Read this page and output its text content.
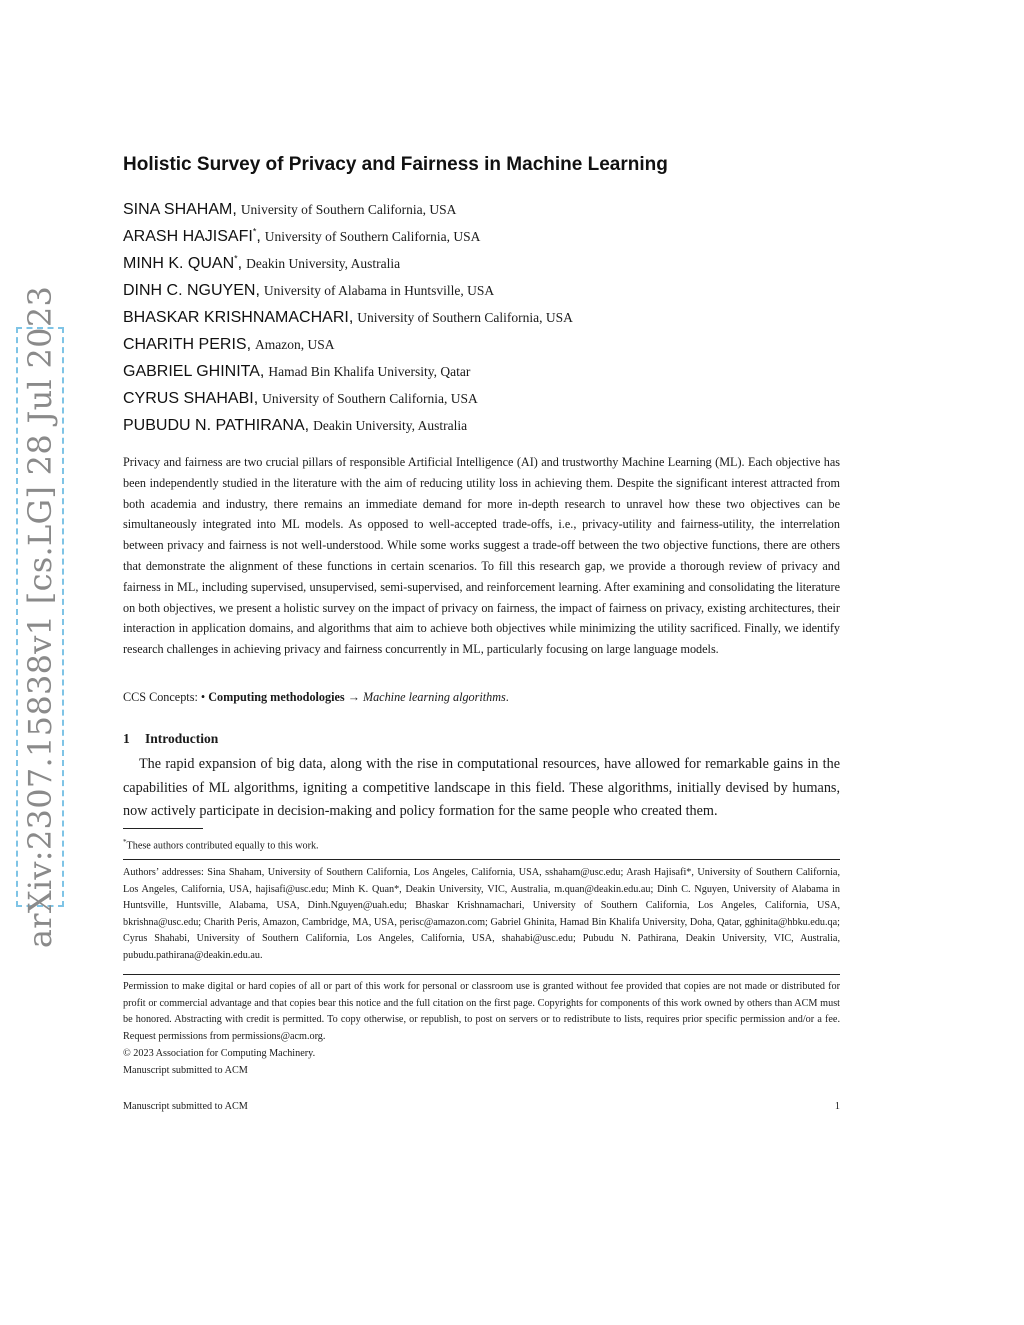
arXiv:2307.15838v1 [cs.LG] 28 Jul 2023
Holistic Survey of Privacy and Fairness in Machine Learning
SINA SHAHAM, University of Southern California, USA
ARASH HAJISAFI*, University of Southern California, USA
MINH K. QUAN*, Deakin University, Australia
DINH C. NGUYEN, University of Alabama in Huntsville, USA
BHASKAR KRISHNAMACHARI, University of Southern California, USA
CHARITH PERIS, Amazon, USA
GABRIEL GHINITA, Hamad Bin Khalifa University, Qatar
CYRUS SHAHABI, University of Southern California, USA
PUBUDU N. PATHIRANA, Deakin University, Australia

Privacy and fairness are two crucial pillars of responsible Artificial Intelligence (AI) and trustworthy Machine Learning (ML). Each objective has been independently studied in the literature with the aim of reducing utility loss in achieving them. Despite the significant interest attracted from both academia and industry, there remains an immediate demand for more in-depth research to unravel how these two objectives can be simultaneously integrated into ML models. As opposed to well-accepted trade-offs, i.e., privacy-utility and fairness-utility, the interrelation between privacy and fairness is not well-understood. While some works suggest a trade-off between the two objective functions, there are others that demonstrate the alignment of these functions in certain scenarios. To fill this research gap, we provide a thorough review of privacy and fairness in ML, including supervised, unsupervised, semi-supervised, and reinforcement learning. After examining and consolidating the literature on both objectives, we present a holistic survey on the impact of privacy on fairness, the impact of fairness on privacy, existing architectures, their interaction in application domains, and algorithms that aim to achieve both objectives while minimizing the utility sacrificed. Finally, we identify research challenges in achieving privacy and fairness concurrently in ML, particularly focusing on large language models.

CCS Concepts: • Computing methodologies → Machine learning algorithms.

1 Introduction

The rapid expansion of big data, along with the rise in computational resources, have allowed for remarkable gains in the capabilities of ML algorithms, igniting a competitive landscape in this field. These algorithms, initially devised by humans, now actively participate in decision-making and policy formation for the same people who created them.

*These authors contributed equally to this work.

Authors’ addresses: Sina Shaham, University of Southern California, Los Angeles, California, USA, sshaham@usc.edu; Arash Hajisafi*, University of Southern California, Los Angeles, California, USA, hajisafi@usc.edu; Minh K. Quan*, Deakin University, VIC, Australia, m.quan@deakin.edu.au; Dinh C. Nguyen, University of Alabama in Huntsville, Huntsville, Alabama, USA, Dinh.Nguyen@uah.edu; Bhaskar Krishnamachari, University of Southern California, Los Angeles, California, USA, bkrishna@usc.edu; Charith Peris, Amazon, Cambridge, MA, USA, perisc@amazon.com; Gabriel Ghinita, Hamad Bin Khalifa University, Doha, Qatar, gghinita@hbku.edu.qa; Cyrus Shahabi, University of Southern California, Los Angeles, California, USA, shahabi@usc.edu; Pubudu N. Pathirana, Deakin University, VIC, Australia, pubudu.pathirana@deakin.edu.au.

Permission to make digital or hard copies of all or part of this work for personal or classroom use is granted without fee provided that copies are not made or distributed for profit or commercial advantage and that copies bear this notice and the full citation on the first page. Copyrights for components of this work owned by others than ACM must be honored. Abstracting with credit is permitted. To copy otherwise, or republish, to post on servers or to redistribute to lists, requires prior specific permission and/or a fee. Request permissions from permissions@acm.org.

© 2023 Association for Computing Machinery.

Manuscript submitted to ACM

Manuscript submitted to ACM	1
